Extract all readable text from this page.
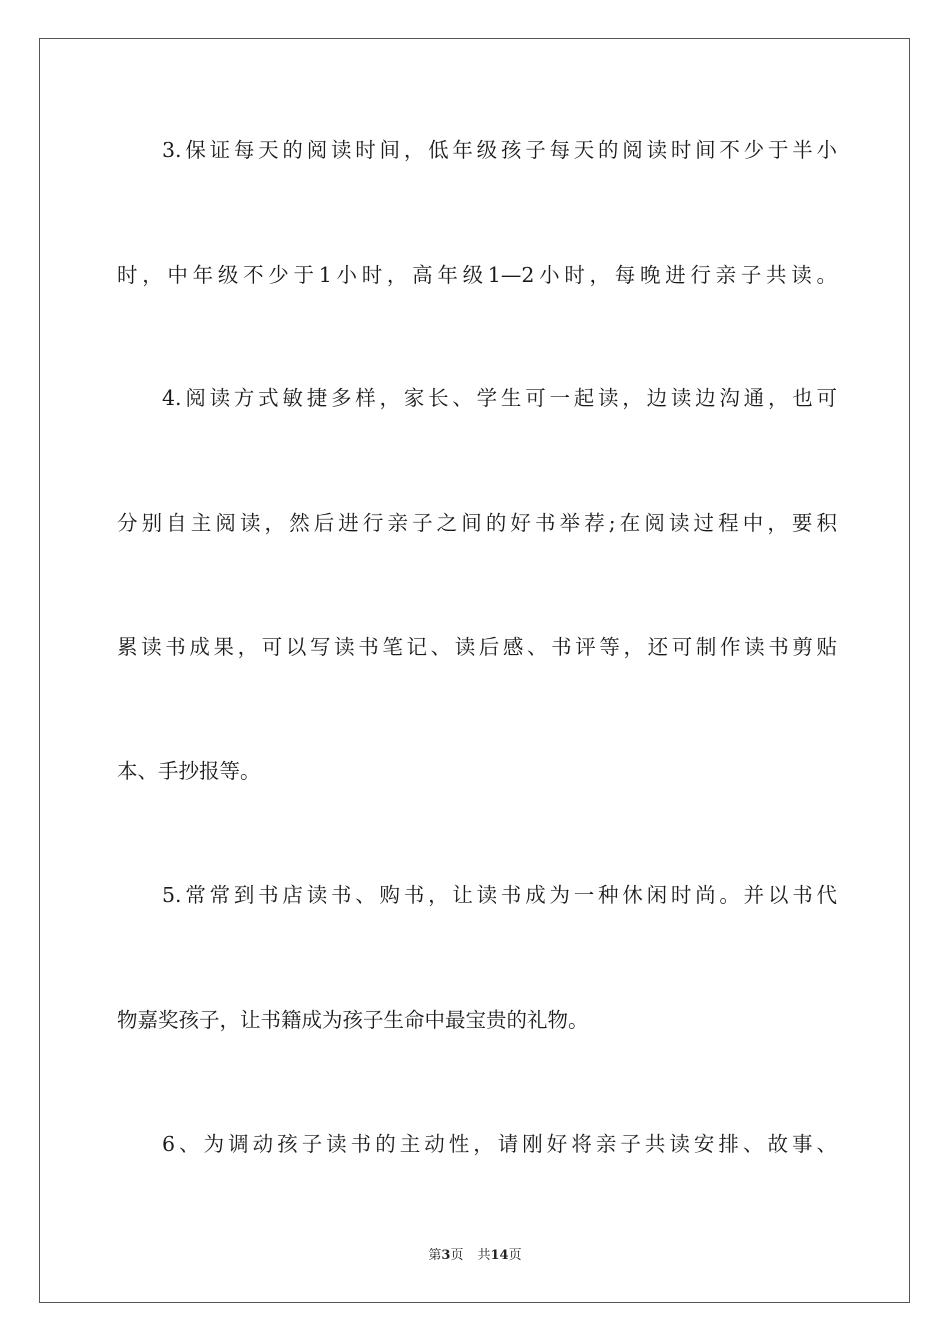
3.保证每天的阅读时间，低年级孩子每天的阅读时间不少于半小
时，中年级不少于1小时，高年级1—2小时，每晚进行亲子共读。
4.阅读方式敏捷多样，家长、学生可一起读，边读边沟通，也可
分别自主阅读，然后进行亲子之间的好书举荐;在阅读过程中，要积
累读书成果，可以写读书笔记、读后感、书评等，还可制作读书剪贴
本、手抄报等。
5.常常到书店读书、购书，让读书成为一种休闲时尚。并以书代
物嘉奖孩子，让书籍成为孩子生命中最宝贵的礼物。
6、为调动孩子读书的主动性，请刚好将亲子共读安排、故事、
第3页 共14页
